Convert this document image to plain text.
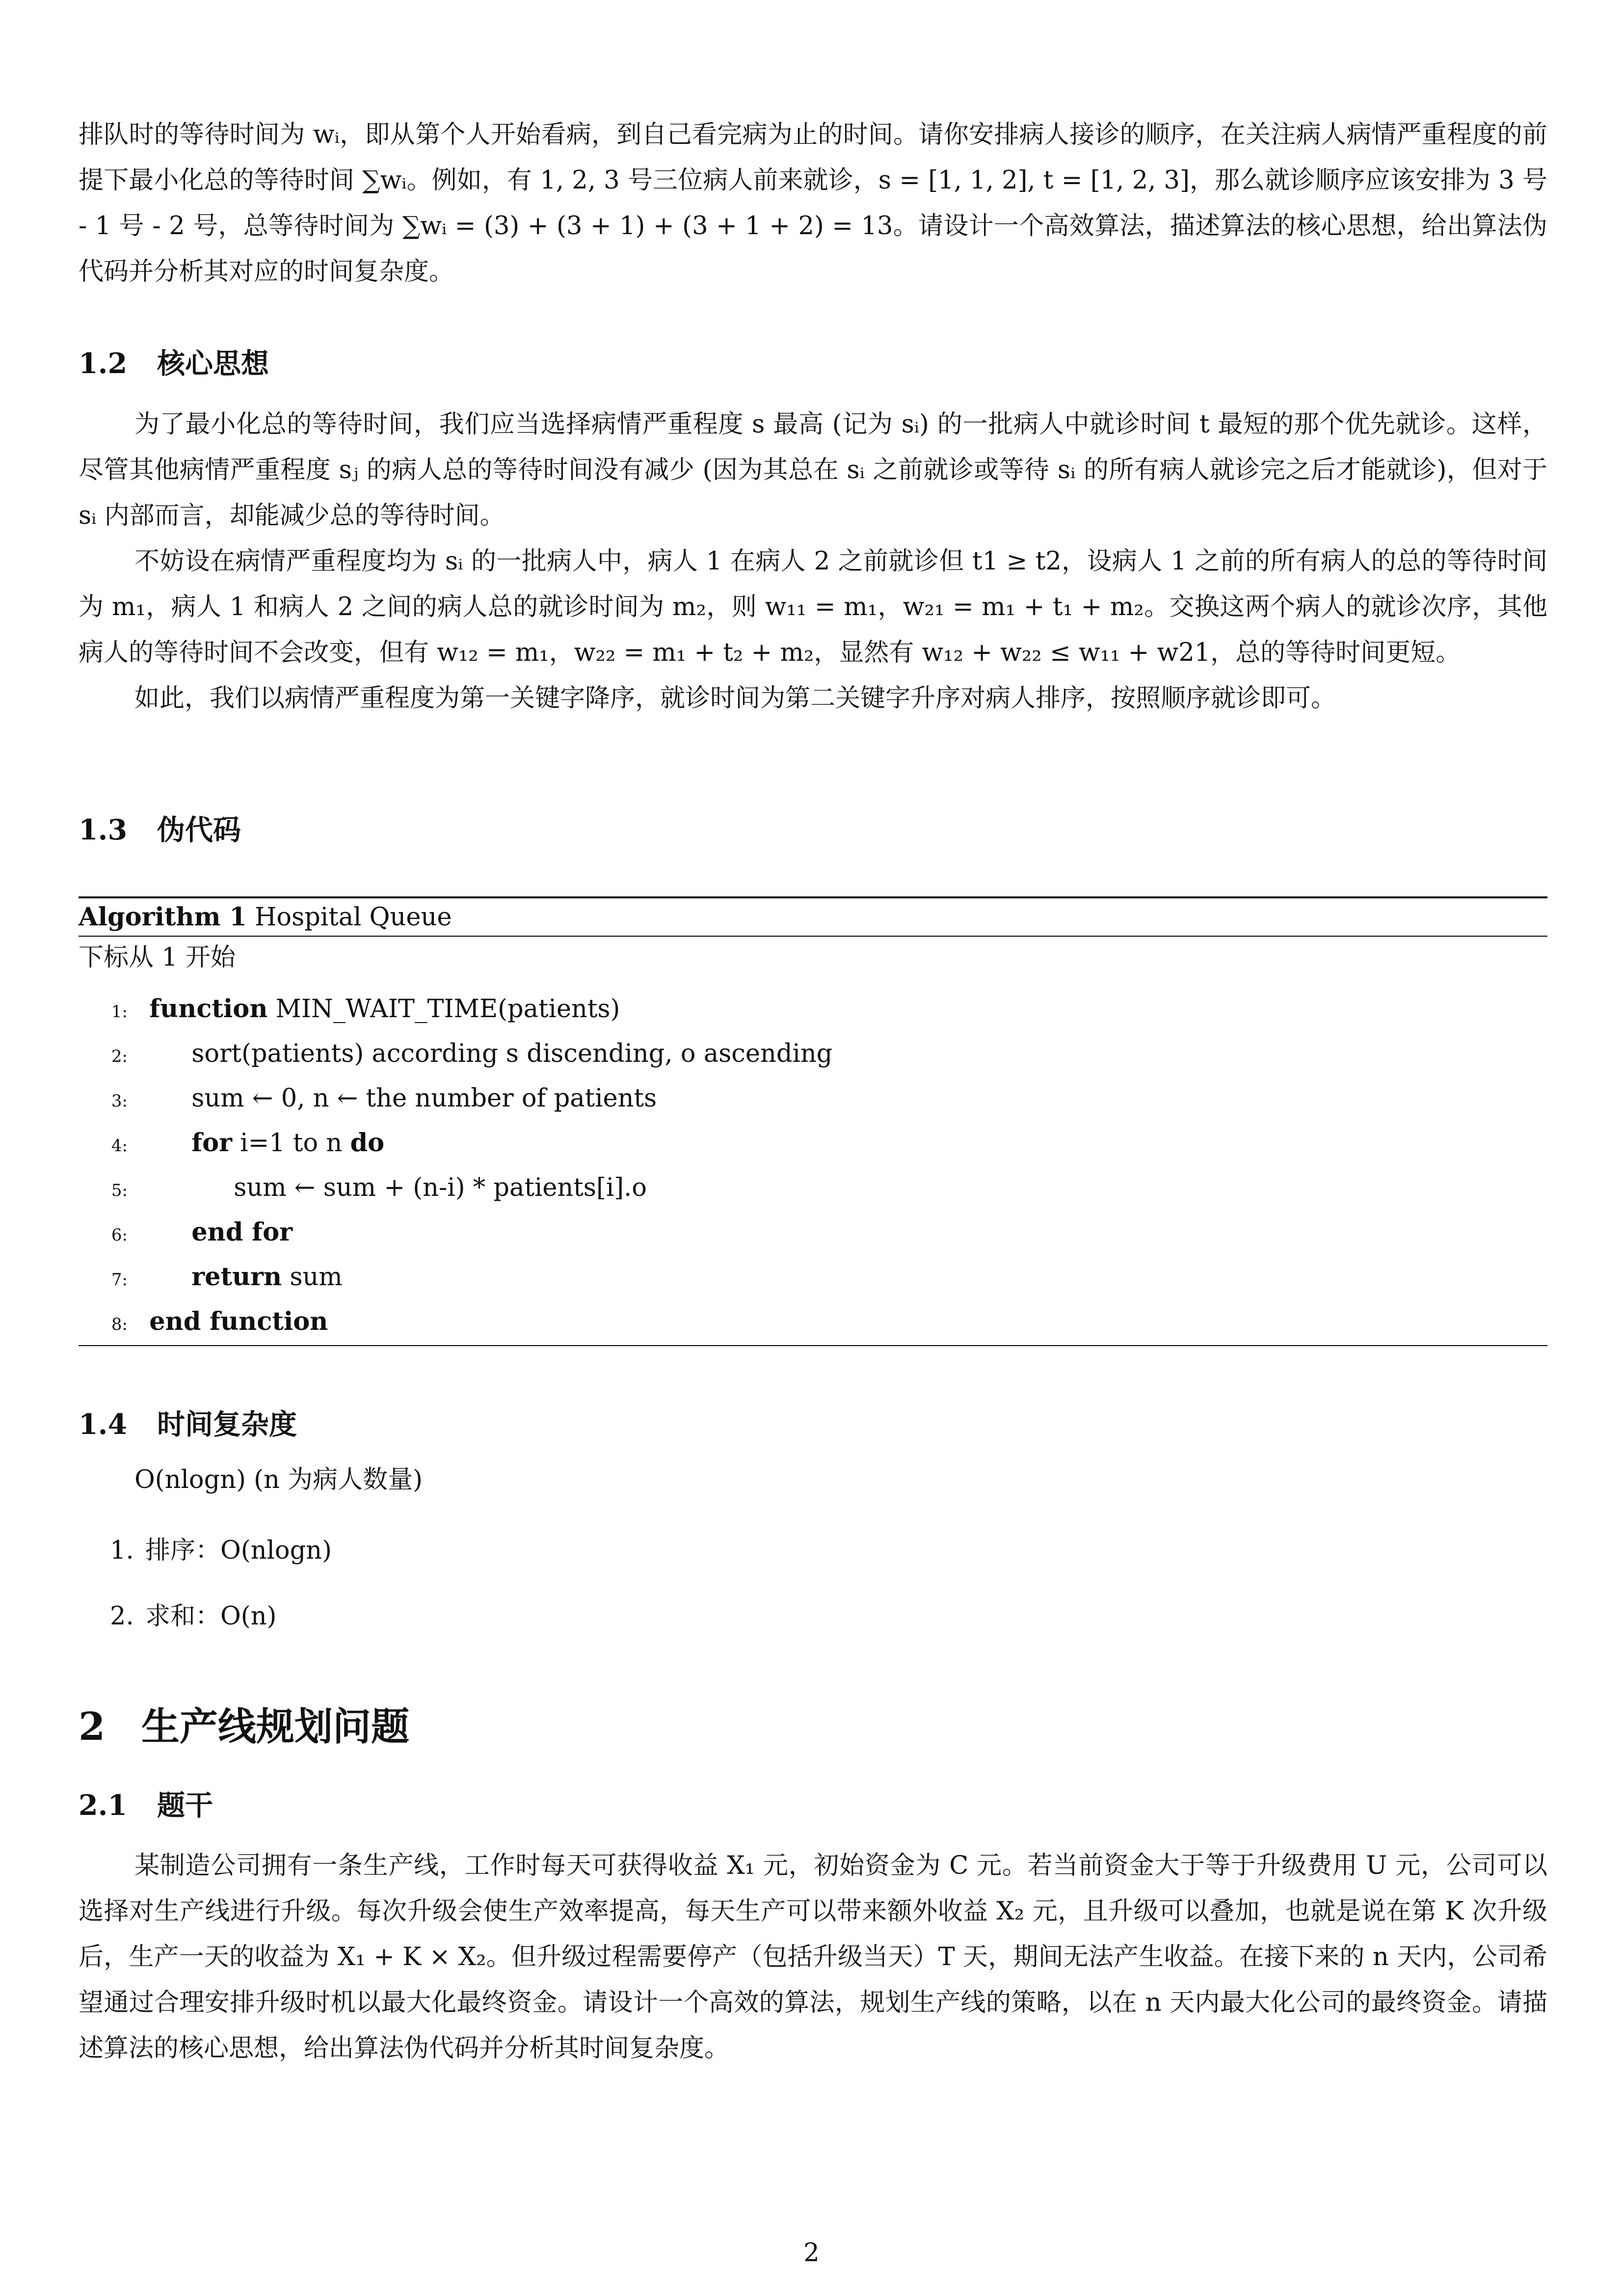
排队时的等待时间为 wᵢ，即从第个人开始看病，到自己看完病为止的时间。请你安排病人接诊的顺序，在关注病人病情严重程度的前提下最小化总的等待时间 ∑wᵢ。例如，有 1, 2, 3 号三位病人前来就诊，s = [1, 1, 2], t = [1, 2, 3]，那么就诊顺序应该安排为 3 号 - 1 号 - 2 号，总等待时间为 ∑wᵢ = (3) + (3 + 1) + (3 + 1 + 2) = 13。请设计一个高效算法，描述算法的核心思想，给出算法伪代码并分析其对应的时间复杂度。

1.2 核心思想

为了最小化总的等待时间，我们应当选择病情严重程度 s 最高 (记为 sᵢ) 的一批病人中就诊时间 t 最短的那个优先就诊。这样，尽管其他病情严重程度 sⱼ 的病人总的等待时间没有减少 (因为其总在 sᵢ 之前就诊或等待 sᵢ 的所有病人就诊完之后才能就诊)，但对于 sᵢ 内部而言，却能减少总的等待时间。

不妨设在病情严重程度均为 sᵢ 的一批病人中，病人 1 在病人 2 之前就诊但 t1 ≥ t2，设病人 1 之前的所有病人的总的等待时间为 m₁，病人 1 和病人 2 之间的病人总的就诊时间为 m₂，则 w₁₁ = m₁，w₂₁ = m₁ + t₁ + m₂。交换这两个病人的就诊次序，其他病人的等待时间不会改变，但有 w₁₂ = m₁，w₂₂ = m₁ + t₂ + m₂，显然有 w₁₂ + w₂₂ ≤ w₁₁ + w21，总的等待时间更短。

如此，我们以病情严重程度为第一关键字降序，就诊时间为第二关键字升序对病人排序，按照顺序就诊即可。

1.3 伪代码
Algorithm 1 Hospital Queue
下标从 1 开始
1: function MIN_WAIT_TIME(patients)
2:	sort(patients) according s discending, o ascending
3:	sum ← 0, n ← the number of patients
4:	for i=1 to n do
5:	sum ← sum + (n-i) * patients[i].o
6:	end for
7:	return sum
8: end function
1.4 时间复杂度
O(nlogn) (n 为病人数量)
1. 排序：O(nlogn)
2. 求和：O(n)
2 生产线规划问题
2.1 题干

某制造公司拥有一条生产线，工作时每天可获得收益 X₁ 元，初始资金为 C 元。若当前资金大于等于升级费用 U 元，公司可以选择对生产线进行升级。每次升级会使生产效率提高，每天生产可以带来额外收益 X₂ 元，且升级可以叠加，也就是说在第 K 次升级后，生产一天的收益为 X₁ + K × X₂。但升级过程需要停产（包括升级当天）T 天，期间无法产生收益。在接下来的 n 天内，公司希望通过合理安排升级时机以最大化最终资金。请设计一个高效的算法，规划生产线的策略，以在 n 天内最大化公司的最终资金。请描述算法的核心思想，给出算法伪代码并分析其时间复杂度。

2
